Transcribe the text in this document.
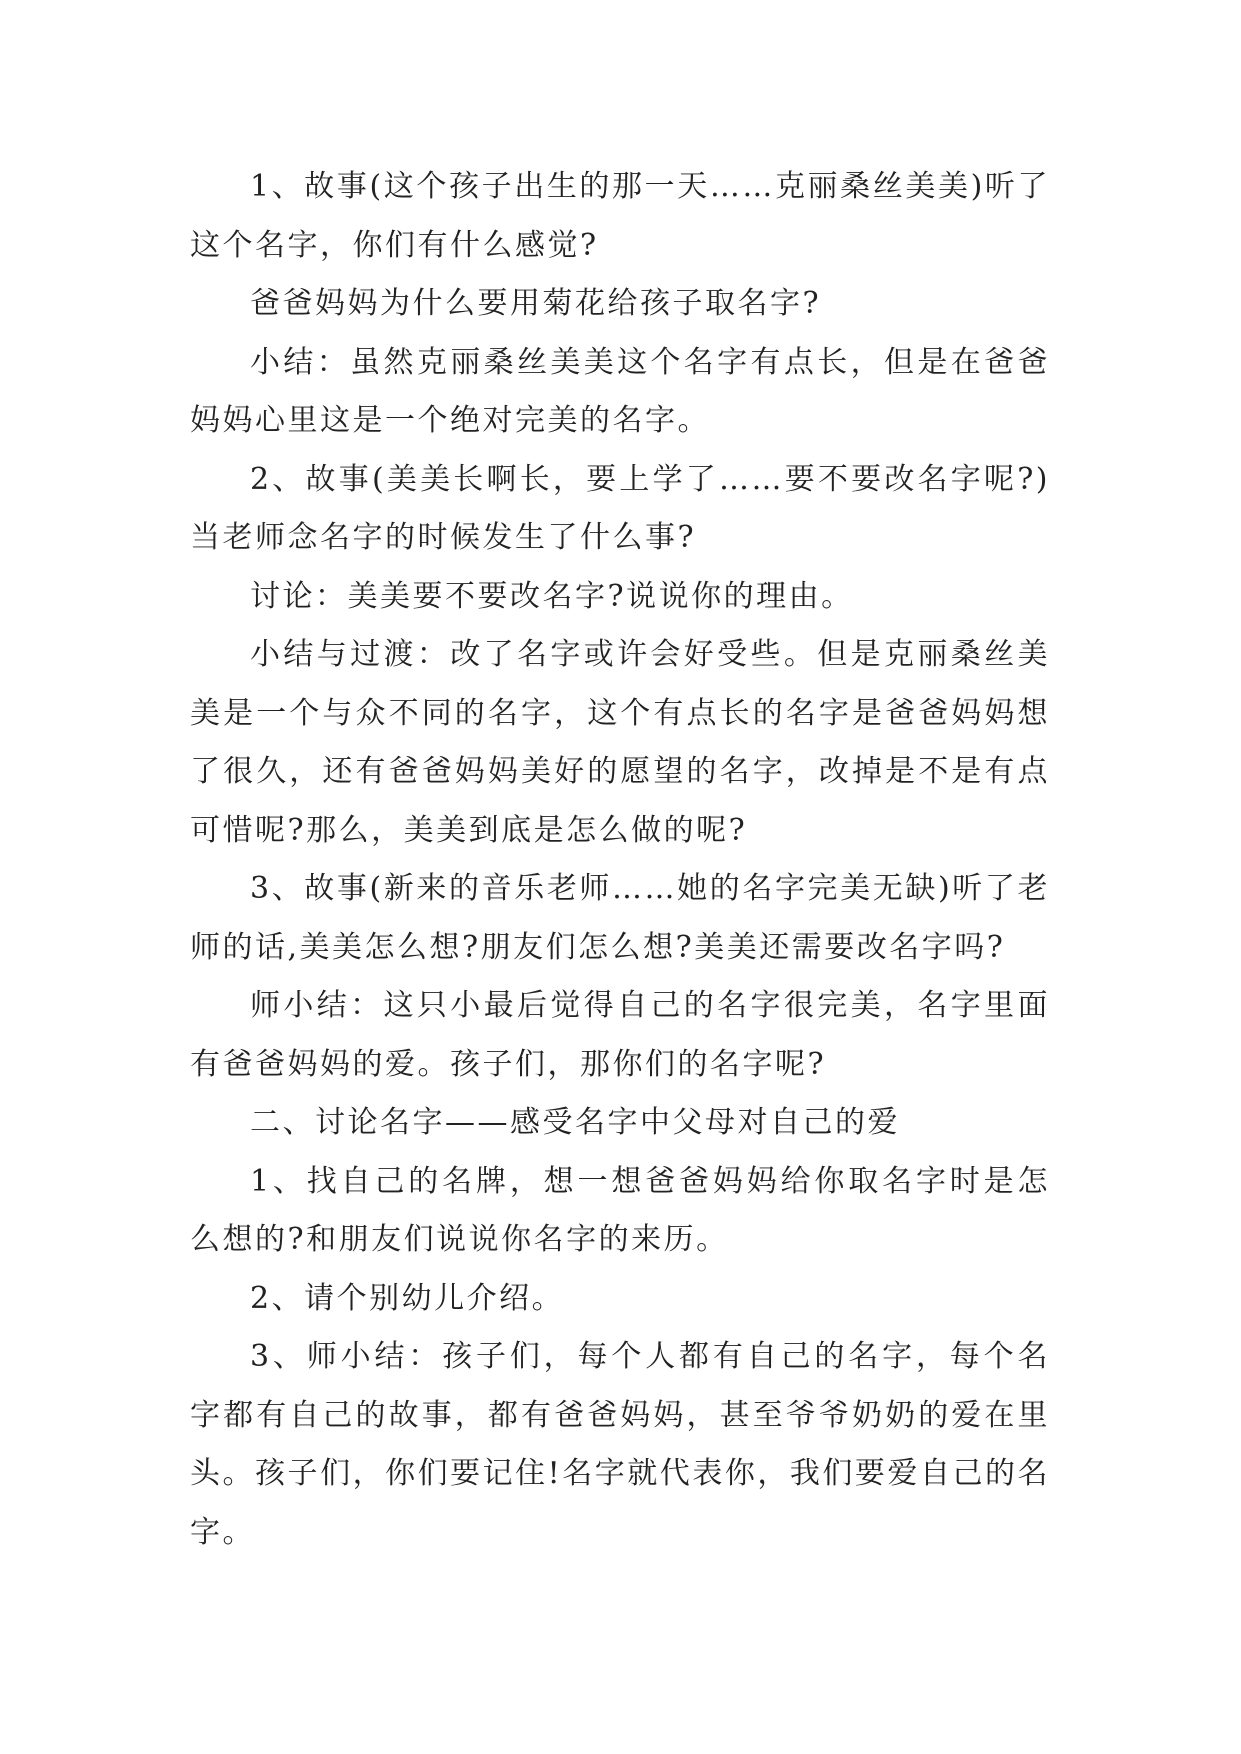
1、故事(这个孩子出生的那一天……克丽桑丝美美)听了这个名字，你们有什么感觉?

爸爸妈妈为什么要用菊花给孩子取名字?

小结：虽然克丽桑丝美美这个名字有点长，但是在爸爸妈妈心里这是一个绝对完美的名字。

2、故事(美美长啊长，要上学了……要不要改名字呢?)当老师念名字的时候发生了什么事?

讨论：美美要不要改名字?说说你的理由。

小结与过渡：改了名字或许会好受些。但是克丽桑丝美美是一个与众不同的名字，这个有点长的名字是爸爸妈妈想了很久，还有爸爸妈妈美好的愿望的名字，改掉是不是有点可惜呢?那么，美美到底是怎么做的呢?

3、故事(新来的音乐老师……她的名字完美无缺)听了老师的话,美美怎么想?朋友们怎么想?美美还需要改名字吗?

师小结：这只小最后觉得自己的名字很完美，名字里面有爸爸妈妈的爱。孩子们，那你们的名字呢?

二、讨论名字——感受名字中父母对自己的爱

1、找自己的名牌，想一想爸爸妈妈给你取名字时是怎么想的?和朋友们说说你名字的来历。

2、请个别幼儿介绍。

3、师小结：孩子们，每个人都有自己的名字，每个名字都有自己的故事，都有爸爸妈妈，甚至爷爷奶奶的爱在里头。孩子们，你们要记住!名字就代表你，我们要爱自己的名字。
